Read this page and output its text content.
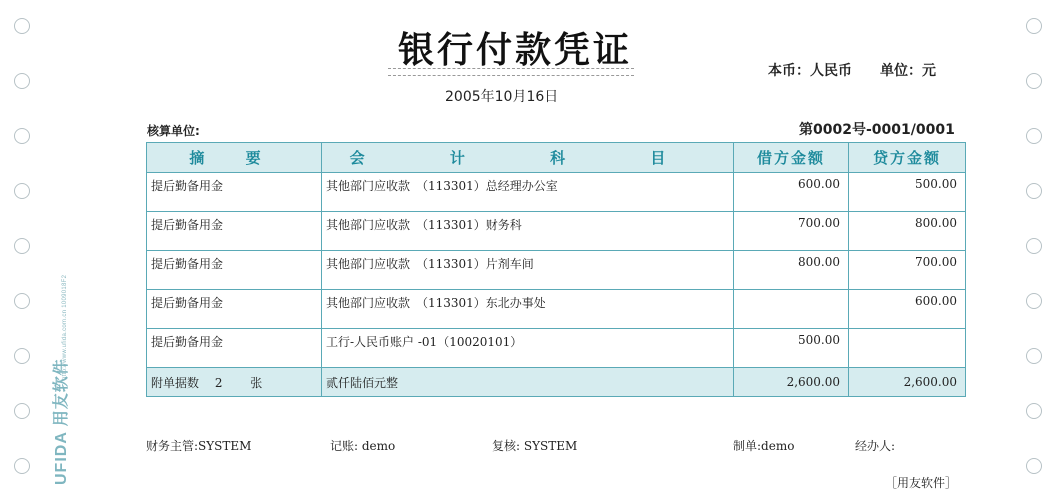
UFIDA 用友软件
http://www.ufida.com.cn 1009018F2
银行付款凭证
2005年10月16日
本币：人民币 单位：元
核算单位:	第0002号-0001/0001
摘 要	会 计 科 目	借方金额	贷方金额
提后勤备用金	其他部门应收款　（113301）总经理办公室	600.00	500.00
提后勤备用金	其他部门应收款　（113301）财务科	700.00	800.00
提后勤备用金	其他部门应收款　（113301）片剂车间	800.00	700.00
提后勤备用金	其他部门应收款　（113301）东北办事处		600.00
提后勤备用金	工行-人民币账户 -01（10020101）	500.00	
附单据数　 2　　 张	贰仟陆佰元整	2,600.00	2,600.00
财务主管:SYSTEM	记账: demo	复核: SYSTEM	制单:demo	经办人:
［用友软件］
